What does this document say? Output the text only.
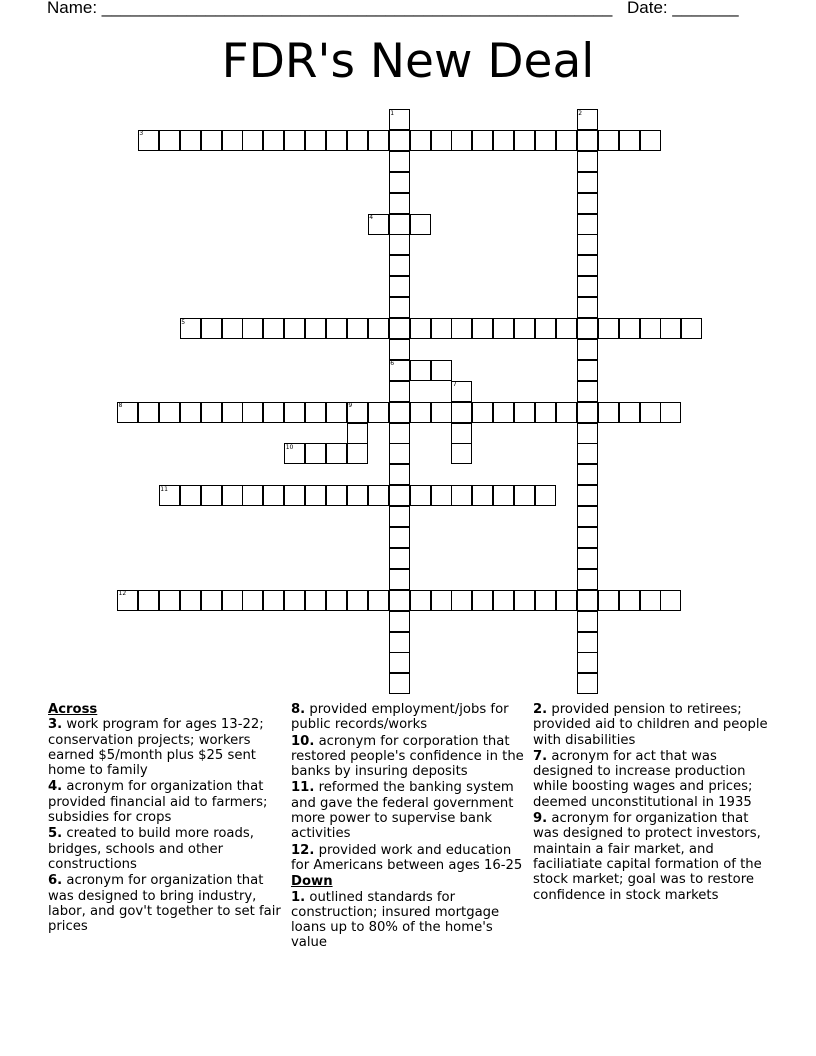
Name: ______________________________________________________ Date: _______
FDR's New Deal
1	2
3
4
5
6
7
8	9
10
11
12
Across

3. work program for ages 13-22; conservation projects; workers earned $5/month plus $25 sent home to family

4. acronym for organization that provided financial aid to farmers; subsidies for crops

5. created to build more roads, bridges, schools and other constructions

6. acronym for organization that was designed to bring industry, labor, and gov't together to set fair prices

8. provided employment/jobs for public records/works

10. acronym for corporation that restored people's confidence in the banks by insuring deposits

11. reformed the banking system and gave the federal government more power to supervise bank activities

12. provided work and education for Americans between ages 16-25

Down

1. outlined standards for construction; insured mortgage loans up to 80% of the home's value

2. provided pension to retirees; provided aid to children and people with disabilities

7. acronym for act that was designed to increase production while boosting wages and prices; deemed unconstitutional in 1935

9. acronym for organization that was designed to protect investors, maintain a fair market, and faciliatiate capital formation of the stock market; goal was to restore confidence in stock markets
